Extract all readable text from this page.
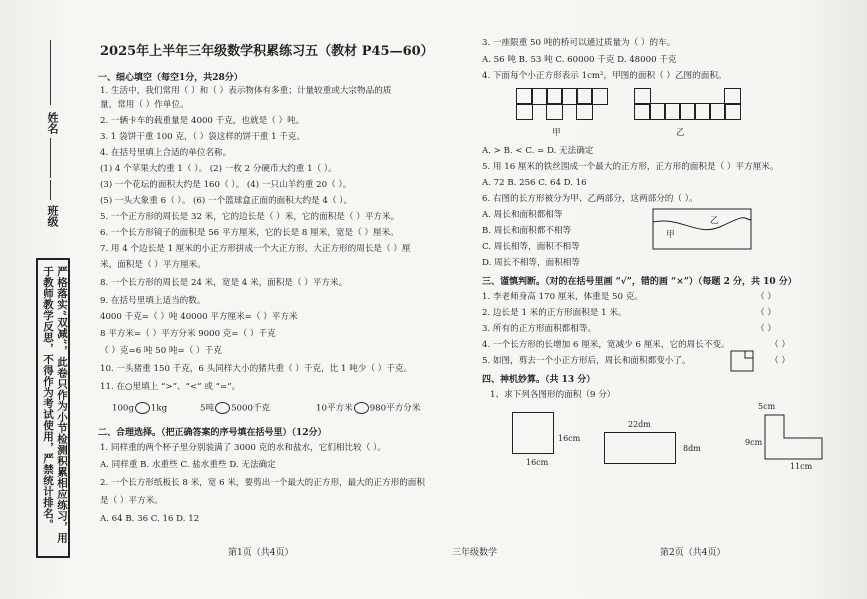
姓名
班级
严格落实“双减”，此卷只作为小节检测积累相应练习，用于教师教学反思，不得作为考试使用，严禁统计排名。
2025年上半年三年级数学积累练习五（教材 P45—60）
一、细心填空（每空1分，共28分）
1. 生活中，我们常用（ ）和（ ）表示物体有多重；计量较重或大宗物品的质
量，常用（ ）作单位。
2. 一辆卡车的载重量是 4000 千克，也就是（ ）吨。
3. 1 袋饼干重 100 克，（ ）袋这样的饼干重 1 千克。
4. 在括号里填上合适的单位名称。
(1) 4 个苹果大约重 1（ ）。 (2) 一枚 2 分硬币大约重 1（ ）。
(3) 一个花坛的面积大约是 160（ ）。 (4) 一只山羊约重 20（ ）。
(5) 一头大象重 6（ ）。 (6) 一个篮球盒正面的面积大约是 4（ ）。
5. 一个正方形的周长是 32 米，它的边长是（ ）米，它的面积是（ ）平方米。
6. 一个长方形镜子的面积是 56 平方厘米，它的长是 8 厘米，宽是（ ）厘米。
7. 用 4 个边长是 1 厘米的小正方形拼成一个大正方形，大正方形的周长是（ ）厘
米，面积是（ ）平方厘米。
8. 一个长方形的周长是 24 米，宽是 4 米，面积是（ ）平方米。
9. 在括号里填上适当的数。
4000 千克=（ ）吨 40000 平方厘米=（ ）平方米
8 平方米=（ ）平方分米 9000 克=（ ）千克
（ ）克=6 吨 50 吨=（ ）千克
10. 一头猪重 150 千克，6 头同样大小的猪共重（ ）千克，比 1 吨少（ ）千克。
11. 在○里填上 “>”、“<” 或 “=”。
100g 1kg	5吨 5000千克	10平方米 980平方分米
二、合理选择。（把正确答案的序号填在括号里）（12分）
1. 同样重的两个杯子里分别装满了 3000 克的水和盐水，它们相比较（ ）。
A. 同样重 B. 水重些 C. 盐水重些 D. 无法确定
2. 一个长方形纸板长 8 米，宽 6 米，要剪出一个最大的正方形，最大的正方形的面积
是（ ）平方米。
A. 64 B. 36 C. 16 D. 12
第1页（共4页）	三年级数学
3. 一座限重 50 吨的桥可以通过质量为（ ）的车。
A. 56 吨 B. 53 吨 C. 60000 千克 D. 48000 千克
4. 下面每个小正方形表示 1cm²，甲图的面积（ ）乙图的面积。
甲	乙
A. > B. < C. = D. 无法确定
5. 用 16 厘米的铁丝围成一个最大的正方形，正方形的面积是（ ）平方厘米。
A. 72 B. 256 C. 64 D. 16
6. 右图的长方形被分为甲、乙两部分，这两部分的（ ）。
A. 周长和面积都相等
B. 周长和面积都不相等
C. 周长相等，面积不相等
D. 周长不相等，面积相等
甲
乙
三、谨慎判断。（对的在括号里画 “√”，错的画 “×”）（每题 2 分，共 10 分）
1. 李老师身高 170 厘米，体重是 50 克。	（ ）
2. 边长是 1 米的正方形面积是 1 米。	（ ）
3. 所有的正方形面积都相等。	（ ）
4. 一个长方形的长增加 6 厘米，宽减少 6 厘米，它的周长不变。	（ ）
5. 如图，剪去一个小正方形后，周长和面积都变小了。	（ ）
四、神机妙算。（共 13 分）
1、求下列各图形的面积（9 分）
16cm
16cm
22dm
8dm
5cm
9cm
11cm
第2页（共4页）
